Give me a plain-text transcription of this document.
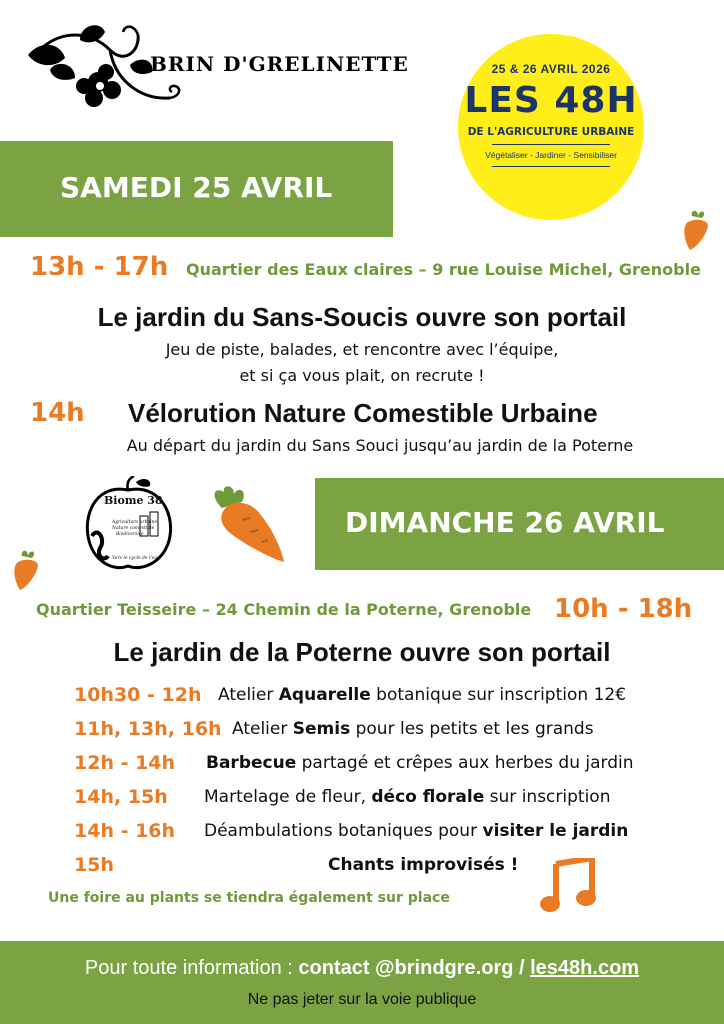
BRIN D'GRELINETTE	25 & 26 AVRIL 2026
LES 48H
DE L'AGRICULTURE URBAINE
Végétaliser - Jardiner - Sensibiliser
SAMEDI 25 AVRIL
13h - 17h Quartier des Eaux claires – 9 rue Louise Michel, Grenoble
Le jardin du Sans-Soucis ouvre son portail
Jeu de piste, balades, et rencontre avec l’équipe,
et si ça vous plait, on recrute !
14h Vélorution Nature Comestible Urbaine
Au départ du jardin du Sans Souci jusqu’au jardin de la Poterne
Biome 38
Agriculture urbaine
Nature comestible
Biodiversité
Vers le cycle de l'eau
DIMANCHE 26 AVRIL
Quartier Teisseire – 24 Chemin de la Poterne, Grenoble 10h - 18h
Le jardin de la Poterne ouvre son portail
10h30 - 12h Atelier Aquarelle botanique sur inscription 12€
11h, 13h, 16h Atelier Semis pour les petits et les grands
12h - 14h Barbecue partagé et crêpes aux herbes du jardin
14h, 15h Martelage de fleur, déco florale sur inscription
14h - 16h Déambulations botaniques pour visiter le jardin
15h	Chants improvisés !
Une foire au plants se tiendra également sur place
Pour toute information : contact @brindgre.org / les48h.com
Ne pas jeter sur la voie publique
